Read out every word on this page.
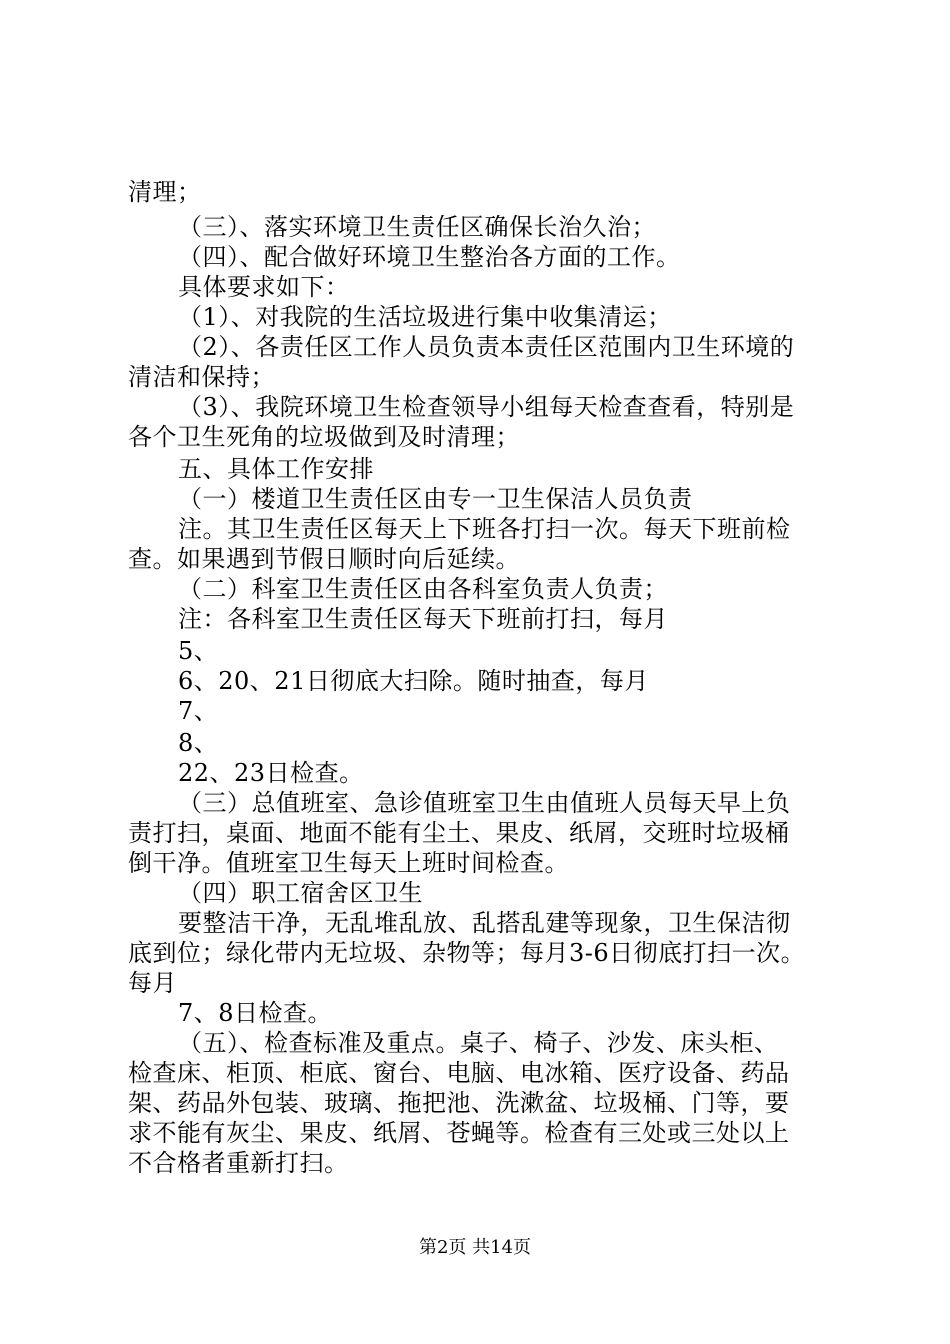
清理；
（三）、落实环境卫生责任区确保长治久治；
（四）、配合做好环境卫生整治各方面的工作。
具体要求如下：
（1）、对我院的生活垃圾进行集中收集清运；
（2）、各责任区工作人员负责本责任区范围内卫生环境的
清洁和保持；
（3）、我院环境卫生检查领导小组每天检查查看，特别是
各个卫生死角的垃圾做到及时清理；
五、具体工作安排
（一）楼道卫生责任区由专一卫生保洁人员负责
注。其卫生责任区每天上下班各打扫一次。每天下班前检
查。如果遇到节假日顺时向后延续。
（二）科室卫生责任区由各科室负责人负责；
注：各科室卫生责任区每天下班前打扫，每月
5、
6、20、21日彻底大扫除。随时抽查，每月
7、
8、
22、23日检查。
（三）总值班室、急诊值班室卫生由值班人员每天早上负
责打扫，桌面、地面不能有尘土、果皮、纸屑，交班时垃圾桶
倒干净。值班室卫生每天上班时间检查。
（四）职工宿舍区卫生
要整洁干净，无乱堆乱放、乱搭乱建等现象，卫生保洁彻
底到位；绿化带内无垃圾、杂物等；每月3-6日彻底打扫一次。
每月
7、8日检查。
（五）、检查标准及重点。桌子、椅子、沙发、床头柜、
检查床、柜顶、柜底、窗台、电脑、电冰箱、医疗设备、药品
架、药品外包装、玻璃、拖把池、洗漱盆、垃圾桶、门等，要
求不能有灰尘、果皮、纸屑、苍蝇等。检查有三处或三处以上
不合格者重新打扫。
第2页 共14页
